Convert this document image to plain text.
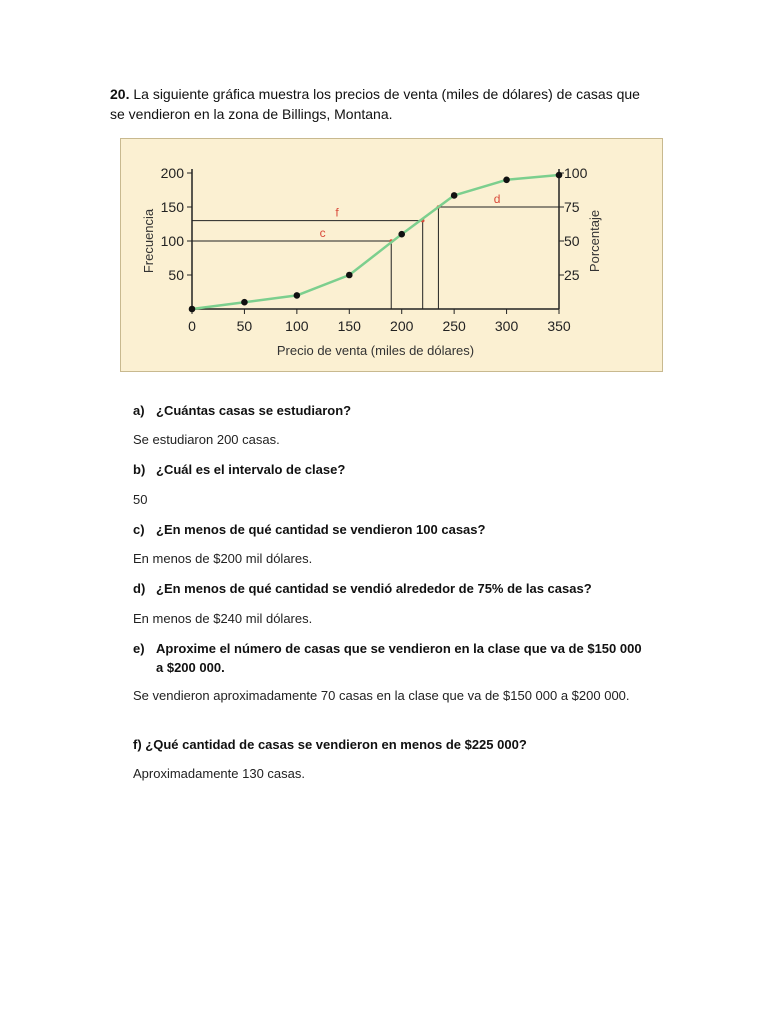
20. La siguiente gráfica muestra los precios de venta (miles de dólares) de casas que
se vendieron en la zona de Billings, Montana.
0	50 100 150 200 250 300 350
50
100
150
200
25
50
75
100
Precio de venta (miles de dólares)
Frecuencia	Porcentaje
f
c
d
a) ¿Cuántas casas se estudiaron?
Se estudiaron 200 casas.
b) ¿Cuál es el intervalo de clase?
50
c) ¿En menos de qué cantidad se vendieron 100 casas?
En menos de $200 mil dólares.
d) ¿En menos de qué cantidad se vendió alrededor de 75% de las casas?
En menos de $240 mil dólares.
e) Aproxime el número de casas que se vendieron en la clase que va de $150 000 a $200 000.
Se vendieron aproximadamente 70 casas en la clase que va de $150 000 a $200 000.
f) ¿Qué cantidad de casas se vendieron en menos de $225 000?
Aproximadamente 130 casas.
